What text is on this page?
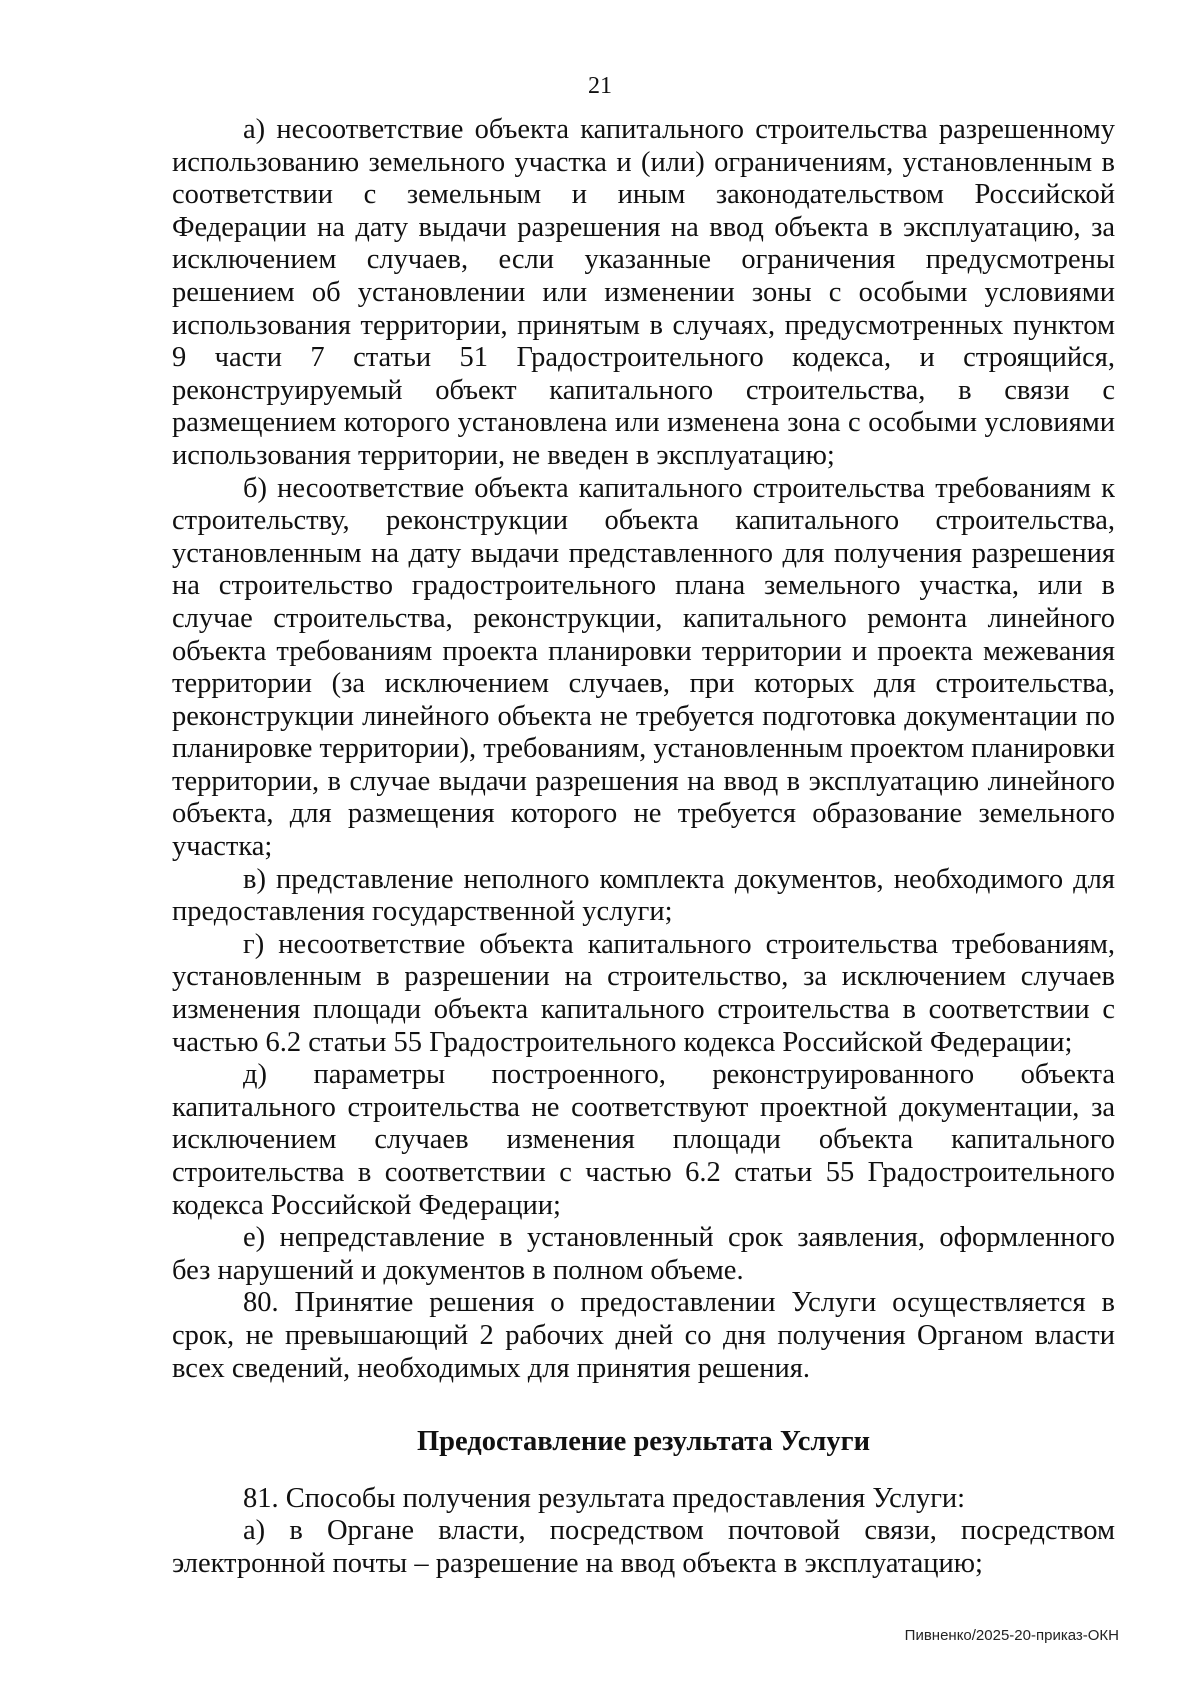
21

а) несоответствие объекта капитального строительства разрешенному использованию земельного участка и (или) ограничениям, установленным в соответствии с земельным и иным законодательством Российской Федерации на дату выдачи разрешения на ввод объекта в эксплуатацию, за исключением случаев, если указанные ограничения предусмотрены решением об установлении или изменении зоны с особыми условиями использования территории, принятым в случаях, предусмотренных пунктом 9 части 7 статьи 51 Градостроительного кодекса, и строящийся, реконструируемый объект капитального строительства, в связи с размещением которого установлена или изменена зона с особыми условиями использования территории, не введен в эксплуатацию;

б) несоответствие объекта капитального строительства требованиям к строительству, реконструкции объекта капитального строительства, установленным на дату выдачи представленного для получения разрешения на строительство градостроительного плана земельного участка, или в случае строительства, реконструкции, капитального ремонта линейного объекта требованиям проекта планировки территории и проекта межевания территории (за исключением случаев, при которых для строительства, реконструкции линейного объекта не требуется подготовка документации по планировке территории), требованиям, установленным проектом планировки территории, в случае выдачи разрешения на ввод в эксплуатацию линейного объекта, для размещения которого не требуется образование земельного участка;

в) представление неполного комплекта документов, необходимого для предоставления государственной услуги;

г) несоответствие объекта капитального строительства требованиям, установленным в разрешении на строительство, за исключением случаев изменения площади объекта капитального строительства в соответствии с частью 6.2 статьи 55 Градостроительного кодекса Российской Федерации;

д) параметры построенного, реконструированного объекта капитального строительства не соответствуют проектной документации, за исключением случаев изменения площади объекта капитального строительства в соответствии с частью 6.2 статьи 55 Градостроительного кодекса Российской Федерации;

е) непредставление в установленный срок заявления, оформленного без нарушений и документов в полном объеме.

80. Принятие решения о предоставлении Услуги осуществляется в срок, не превышающий 2 рабочих дней со дня получения Органом власти всех сведений, необходимых для принятия решения.

Предоставление результата Услуги

81. Способы получения результата предоставления Услуги:

а) в Органе власти, посредством почтовой связи, посредством электронной почты – разрешение на ввод объекта в эксплуатацию;

Пивненко/2025-20-приказ-ОКН
